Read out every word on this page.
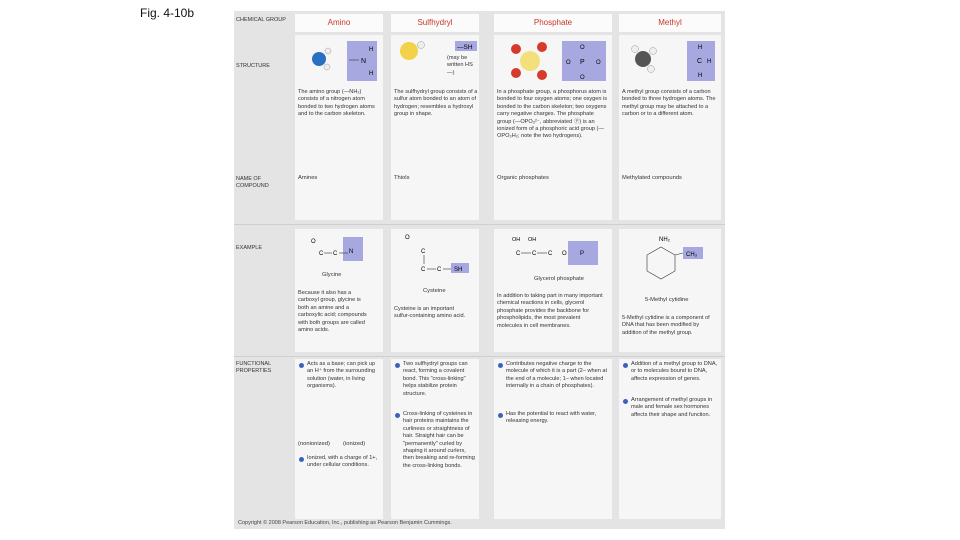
Fig. 4-10b	CHEMICAL GROUP
STRUCTURE
NAME OF COMPOUND
EXAMPLE
FUNCTIONAL PROPERTIES
Amino
N
H
H
The amino group (—NH₂) consists of a nitrogen atom bonded to two hydrogen atoms and to the carbon skeleton.
Amines
C C N
O
Glycine
Because it also has a carboxyl group, glycine is both an amine and a carboxylic acid; compounds with both groups are called amino acids.
Acts as a base; can pick up an H⁺ from the surrounding solution (water, in living organisms).
(nonionized) (ionized)
Ionized, with a charge of 1+, under cellular conditions.
Sulfhydryl
—SH
(may be written HS—)
The sulfhydryl group consists of a sulfur atom bonded to an atom of hydrogen; resembles a hydroxyl group in shape.
Thiols
SH
O
C
C C
Cysteine
Cysteine is an important sulfur-containing amino acid.
Two sulfhydryl groups can react, forming a covalent bond. This "cross-linking" helps stabilize protein structure.
Cross-linking of cysteines in hair proteins maintains the curliness or straightness of hair. Straight hair can be "permanently" curled by shaping it around curlers, then breaking and re-forming the cross-linking bonds.
Phosphate
P
O
O
O	O
In a phosphate group, a phosphorus atom is bonded to four oxygen atoms; one oxygen is bonded to the carbon skeleton; two oxygens carry negative charges. The phosphate group (—OPO₃²⁻, abbreviated Ⓟ) is an ionized form of a phosphoric acid group (—OPO₃H₂; note the two hydrogens).
Organic phosphates
OH OH
C C C O P
Glycerol phosphate
In addition to taking part in many important chemical reactions in cells, glycerol phosphate provides the backbone for phospholipids, the most prevalent molecules in cell membranes.
Contributes negative charge to the molecule of which it is a part (2– when at the end of a molecule; 1– when located internally in a chain of phosphates).
Has the potential to react with water, releasing energy.
Methyl
C
H
H
H
A methyl group consists of a carbon bonded to three hydrogen atoms. The methyl group may be attached to a carbon or to a different atom.
Methylated compounds
CH₃
NH₂
5-Methyl cytidine
5-Methyl cytidine is a component of DNA that has been modified by addition of the methyl group.
Addition of a methyl group to DNA, or to molecules bound to DNA, affects expression of genes.
Arrangement of methyl groups in male and female sex hormones affects their shape and function.
Copyright © 2008 Pearson Education, Inc., publishing as Pearson Benjamin Cummings.
